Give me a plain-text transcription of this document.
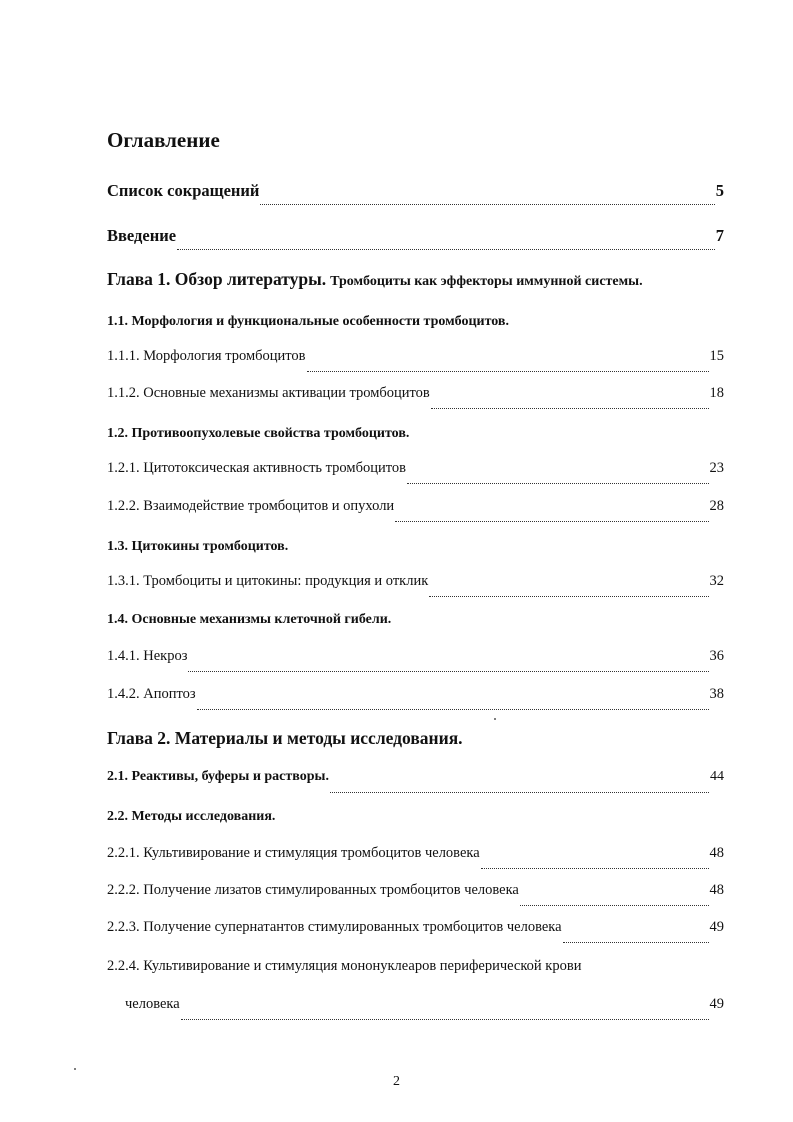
Оглавление
Список сокращений	5
Введение	7
Глава 1. Обзор литературы. Тромбоциты как эффекторы иммунной системы.
1.1. Морфология и функциональные особенности тромбоцитов.
1.1.1. Морфология тромбоцитов	15
1.1.2. Основные механизмы активации тромбоцитов	18
1.2. Противоопухолевые свойства тромбоцитов.
1.2.1. Цитотоксическая активность тромбоцитов	23
1.2.2. Взаимодействие тромбоцитов и опухоли	28
1.3. Цитокины тромбоцитов.
1.3.1. Тромбоциты и цитокины: продукция и отклик	32
1.4. Основные механизмы клеточной гибели.
1.4.1. Некроз	36
1.4.2. Апоптоз	38
Глава 2. Материалы и методы исследования.
2.1. Реактивы, буферы и растворы.	44
2.2. Методы исследования.
2.2.1. Культивирование и стимуляция тромбоцитов человека	48
2.2.2. Получение лизатов стимулированных тромбоцитов человека	48
2.2.3. Получение супернатантов стимулированных тромбоцитов человека	49
2.2.4. Культивирование и стимуляция мононуклеаров периферической крови
человека	49
2
